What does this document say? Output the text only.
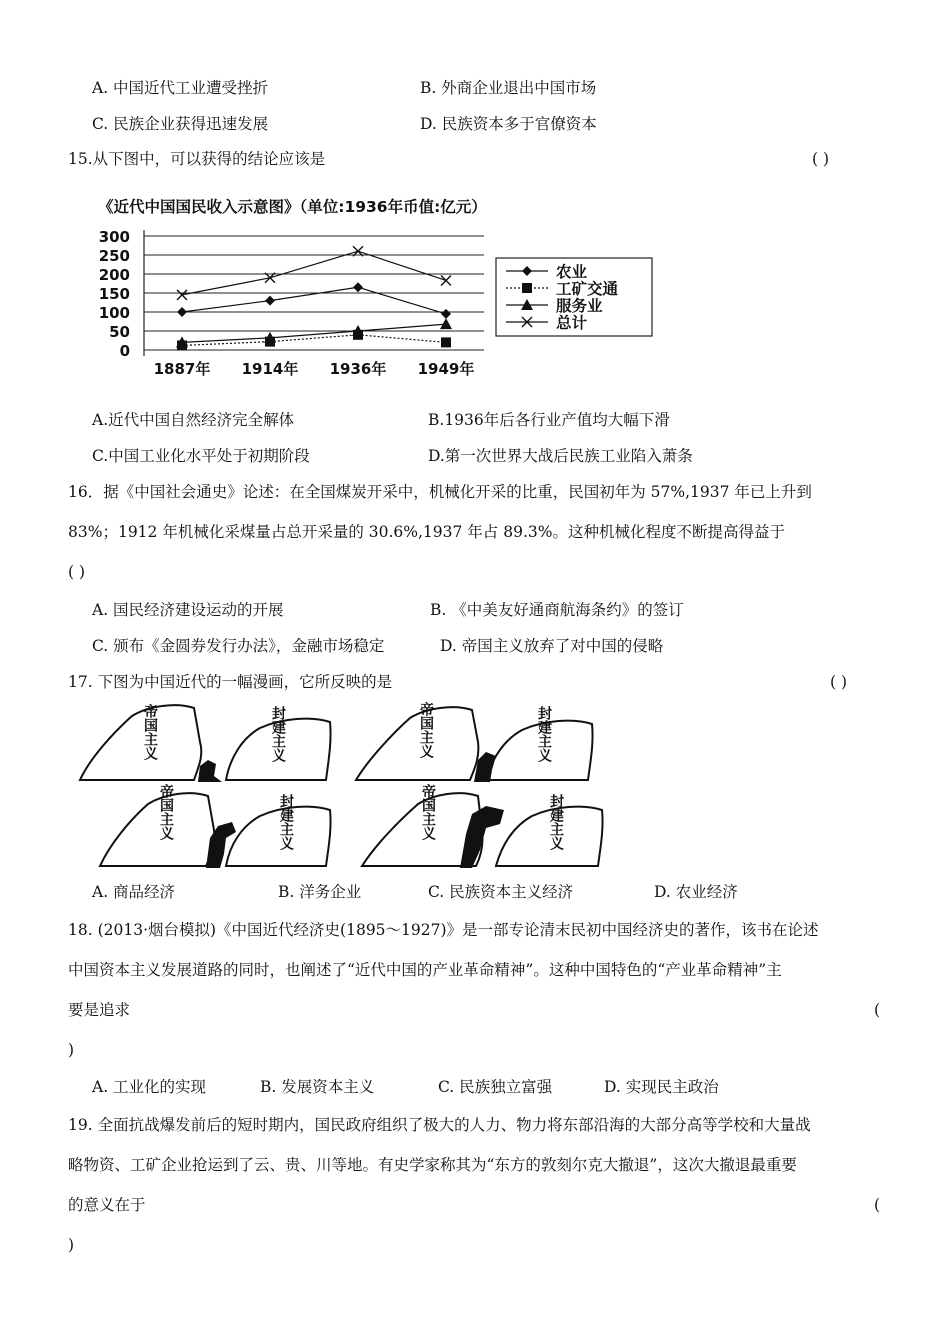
A. 中国近代工业遭受挫折	B. 外商企业退出中国市场
C. 民族企业获得迅速发展	D. 民族资本多于官僚资本
15.从下图中，可以获得的结论应该是	( )
《近代中国国民收入示意图》（单位:1936年币值:亿元）
300
250
200
150
100
50
0
1887年 1914年 1936年 1949年
农业
工矿交通
服务业
总计
A.近代中国自然经济完全解体	B.1936年后各行业产值均大幅下滑
C.中国工业化水平处于初期阶段	D.第一次世界大战后民族工业陷入萧条
16．据《中国社会通史》论述：在全国煤炭开采中，机械化开采的比重，民国初年为 57%,1937 年已上升到
83%；1912 年机械化采煤量占总开采量的 30.6%,1937 年占 89.3%。这种机械化程度不断提高得益于
( )
A. 国民经济建设运动的开展	B. 《中美友好通商航海条约》的签订
C. 颁布《金圆券发行办法》，金融市场稳定	D. 帝国主义放弃了对中国的侵略
17. 下图为中国近代的一幅漫画，它所反映的是	( )
帝国主义	封建主义	帝国主义	封建主义
帝国主义	封建主义	帝国主义	封建主义
A. 商品经济	B. 洋务企业	C. 民族资本主义经济	D. 农业经济
18. (2013·烟台模拟)《中国近代经济史(1895～1927)》是一部专论清末民初中国经济史的著作，该书在论述
中国资本主义发展道路的同时，也阐述了“近代中国的产业革命精神”。这种中国特色的“产业革命精神”主
要是追求	(
)
A. 工业化的实现	B. 发展资本主义	C. 民族独立富强	D. 实现民主政治
19. 全面抗战爆发前后的短时期内，国民政府组织了极大的人力、物力将东部沿海的大部分高等学校和大量战
略物资、工矿企业抢运到了云、贵、川等地。有史学家称其为“东方的敦刻尔克大撤退”，这次大撤退最重要
的意义在于	(
)
